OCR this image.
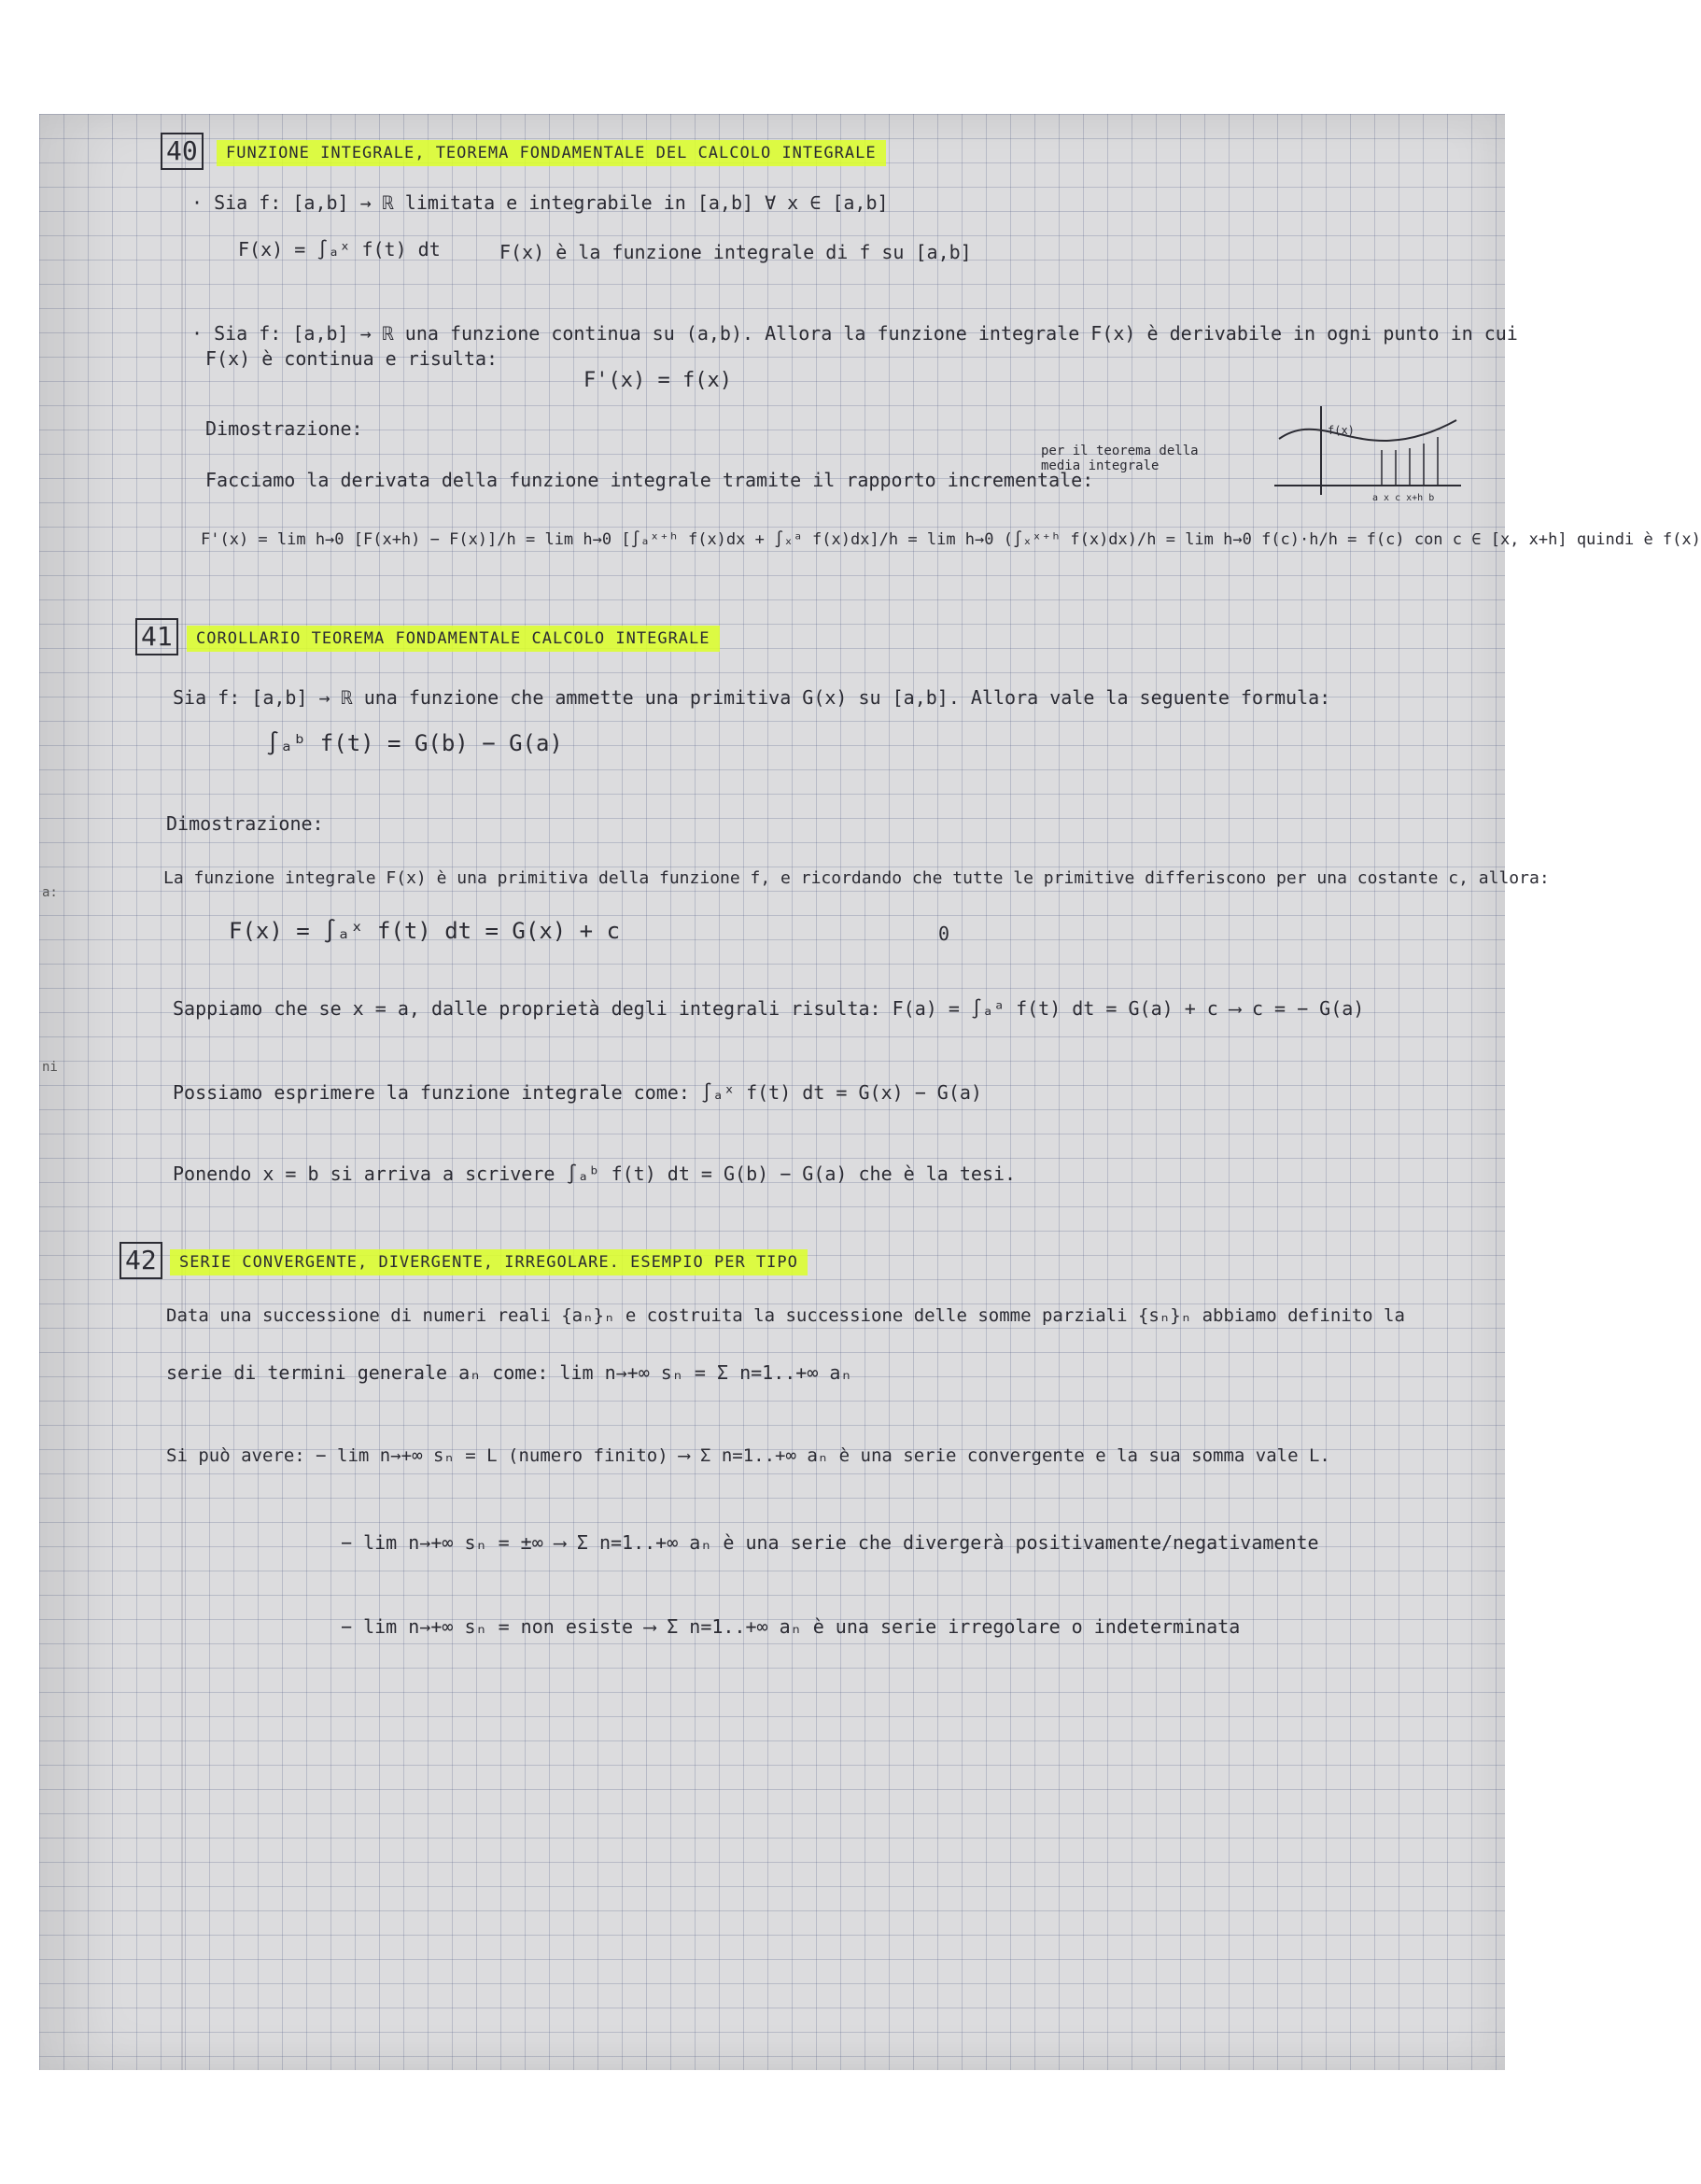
40	FUNZIONE INTEGRALE, TEOREMA FONDAMENTALE DEL CALCOLO INTEGRALE
· Sia f: [a,b] → ℝ limitata e integrabile in [a,b] ∀ x ∈ [a,b]
F(x) = ∫ₐˣ f(t) dt	F(x) è la funzione integrale di f su [a,b]
· Sia f: [a,b] → ℝ una funzione continua su (a,b). Allora la funzione integrale F(x) è derivabile in ogni punto in cui
F(x) è continua e risulta:
F'(x) = f(x)
Dimostrazione:
Facciamo la derivata della funzione integrale tramite il rapporto incrementale:
per il teorema della media integrale
F'(x) = lim h→0 [F(x+h) − F(x)]/h = lim h→0 [∫ₐˣ⁺ʰ f(x)dx + ∫ₓᵃ f(x)dx]/h = lim h→0 (∫ₓˣ⁺ʰ f(x)dx)/h = lim h→0 f(c)·h/h = f(c) con c ∈ [x, x+h] quindi è f(x)
f(x)
a x c x+h b
41	COROLLARIO TEOREMA FONDAMENTALE CALCOLO INTEGRALE
Sia f: [a,b] → ℝ una funzione che ammette una primitiva G(x) su [a,b]. Allora vale la seguente formula:
∫ₐᵇ f(t) = G(b) − G(a)
Dimostrazione:
La funzione integrale F(x) è una primitiva della funzione f, e ricordando che tutte le primitive differiscono per una costante c, allora:
F(x) = ∫ₐˣ f(t) dt = G(x) + c	0
Sappiamo che se x = a, dalle proprietà degli integrali risulta: F(a) = ∫ₐᵃ f(t) dt = G(a) + c ⟶ c = − G(a)
Possiamo esprimere la funzione integrale come: ∫ₐˣ f(t) dt = G(x) − G(a)
Ponendo x = b si arriva a scrivere ∫ₐᵇ f(t) dt = G(b) − G(a) che è la tesi.
42	SERIE CONVERGENTE, DIVERGENTE, IRREGOLARE. ESEMPIO PER TIPO
Data una successione di numeri reali {aₙ}ₙ e costruita la successione delle somme parziali {sₙ}ₙ abbiamo definito la
serie di termini generale aₙ come: lim n→+∞ sₙ = Σ n=1..+∞ aₙ
Si può avere: − lim n→+∞ sₙ = L (numero finito) ⟶ Σ n=1..+∞ aₙ è una serie convergente e la sua somma vale L.
− lim n→+∞ sₙ = ±∞ ⟶ Σ n=1..+∞ aₙ è una serie che divergerà positivamente/negativamente
− lim n→+∞ sₙ = non esiste ⟶ Σ n=1..+∞ aₙ è una serie irregolare o indeterminata
a:
ni
